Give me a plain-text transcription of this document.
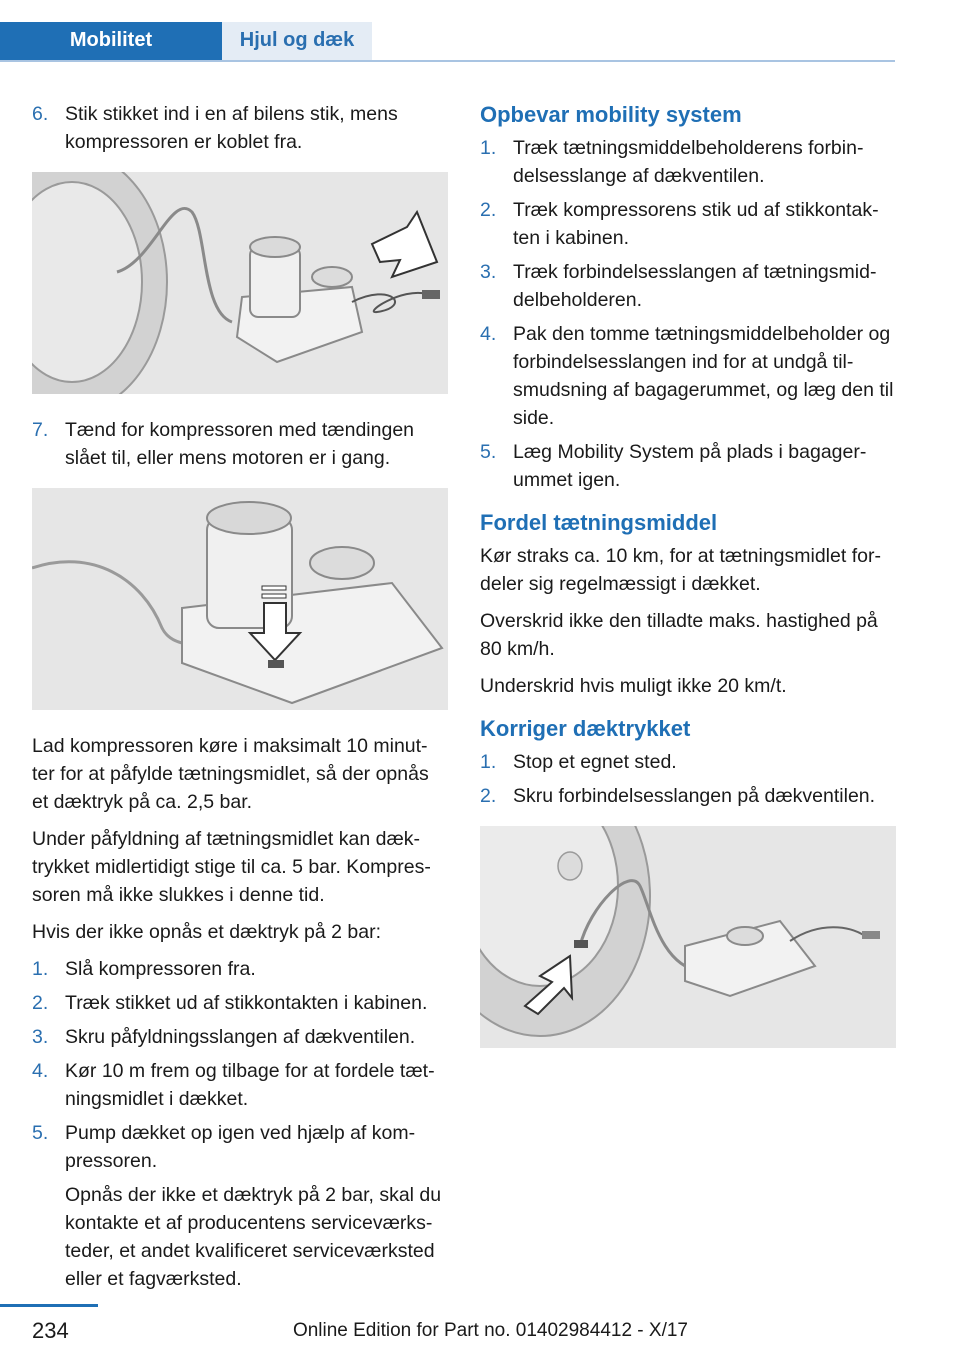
Mobilitet	Hjul og dæk
6. Stik stikket ind i en af bilens stik, mens kompressoren er koblet fra.
7. Tænd for kompressoren med tændingen slået til, eller mens motoren er i gang.

Lad kompressoren køre i maksimalt 10 minut‐ter for at påfylde tætningsmidlet, så der opnås et dæktryk på ca. 2,5 bar.

Under påfyldning af tætningsmidlet kan dæk‐trykket midlertidigt stige til ca. 5 bar. Kompres‐soren må ikke slukkes i denne tid.

Hvis der ikke opnås et dæktryk på 2 bar:

1. Slå kompressoren fra.
2. Træk stikket ud af stikkontakten i kabinen.
3. Skru påfyldningsslangen af dækventilen.
4. Kør 10 m frem og tilbage for at fordele tæt‐ningsmidlet i dækket.
5. Pump dækket op igen ved hjælp af kom‐pressoren.
Opnås der ikke et dæktryk på 2 bar, skal du kontakte et af producentens serviceværks‐teder, et andet kvalificeret serviceværksted eller et fagværksted.
Opbevar mobility system
1. Træk tætningsmiddelbeholderens forbin‐delsesslange af dækventilen.
2. Træk kompressorens stik ud af stikkontak‐ten i kabinen.
3. Træk forbindelsesslangen af tætningsmid‐delbeholderen.
4. Pak den tomme tætningsmiddelbeholder og forbindelsesslangen ind for at undgå til‐smudsning af bagagerummet, og læg den til side.
5. Læg Mobility System på plads i bagager‐ummet igen.
Fordel tætningsmiddel

Kør straks ca. 10 km, for at tætningsmidlet for‐deler sig regelmæssigt i dækket.

Overskrid ikke den tilladte maks. hastighed på 80 km/h.

Underskrid hvis muligt ikke 20 km/t.

Korriger dæktrykket
1. Stop et egnet sted.
2. Skru forbindelsesslangen på dækventilen.
234	Online Edition for Part no. 01402984412 - X/17
